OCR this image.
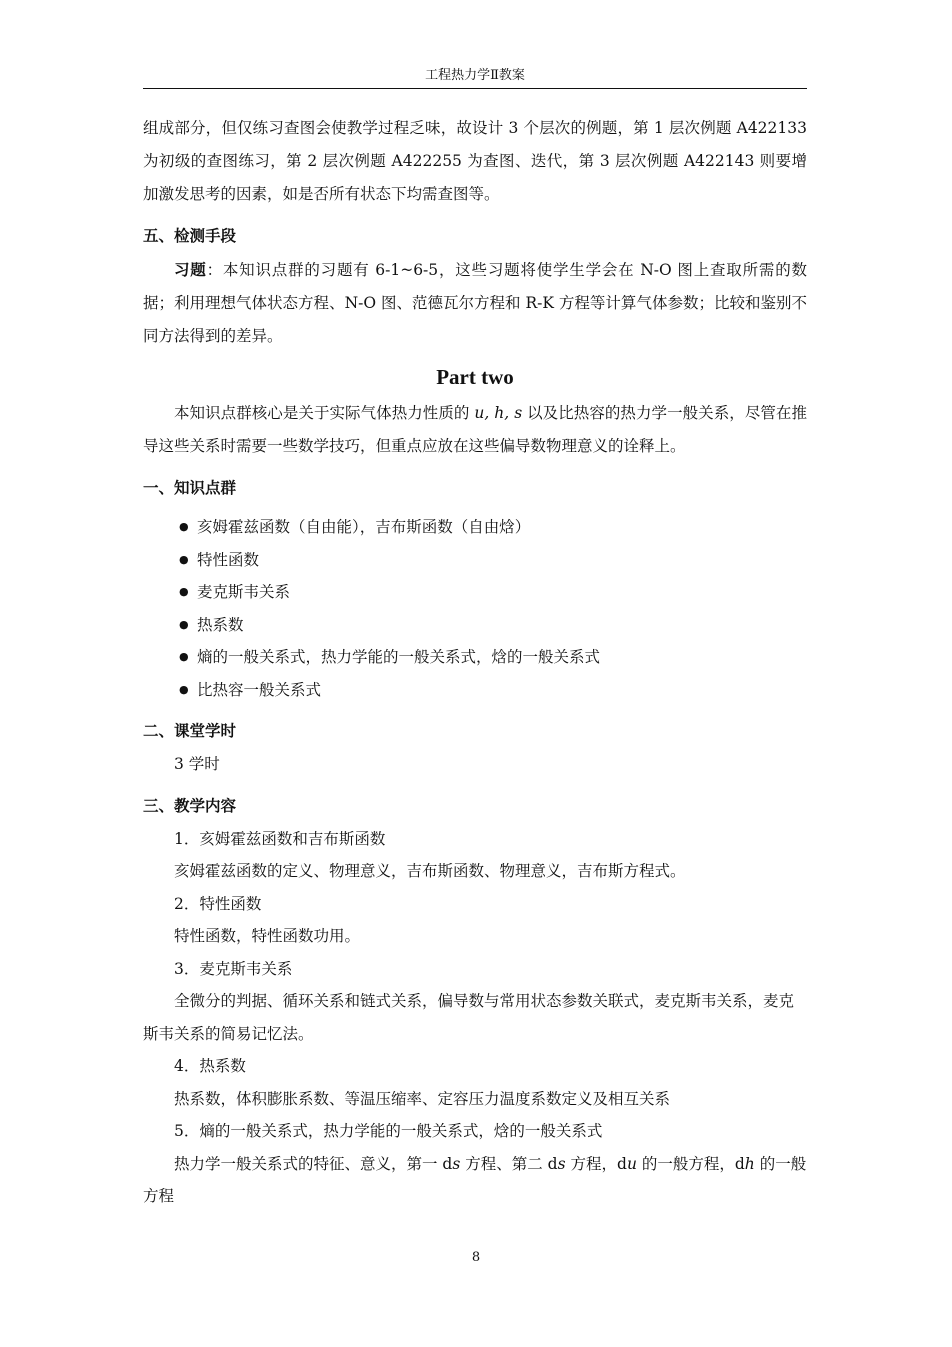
工程热力学Ⅱ教案

组成部分，但仅练习查图会使教学过程乏味，故设计 3 个层次的例题，第 1 层次例题 A422133 为初级的查图练习，第 2 层次例题 A422255 为查图、迭代，第 3 层次例题 A422143 则要增加激发思考的因素，如是否所有状态下均需查图等。

五、检测手段

习题：本知识点群的习题有 6-1~6-5，这些习题将使学生学会在 N-O 图上查取所需的数据；利用理想气体状态方程、N-O 图、范德瓦尔方程和 R-K 方程等计算气体参数；比较和鉴别不同方法得到的差异。

Part two

本知识点群核心是关于实际气体热力性质的 u, h, s 以及比热容的热力学一般关系，尽管在推导这些关系时需要一些数学技巧，但重点应放在这些偏导数物理意义的诠释上。

一、知识点群

● 亥姆霍兹函数（自由能），吉布斯函数（自由焓）
● 特性函数
● 麦克斯韦关系
● 热系数
● 熵的一般关系式，热力学能的一般关系式，焓的一般关系式
● 比热容一般关系式

二、课堂学时

3 学时

三、教学内容

1．亥姆霍兹函数和吉布斯函数

亥姆霍兹函数的定义、物理意义，吉布斯函数、物理意义，吉布斯方程式。

2．特性函数

特性函数，特性函数功用。

3．麦克斯韦关系

全微分的判据、循环关系和链式关系，偏导数与常用状态参数关联式，麦克斯韦关系，麦克斯韦关系的简易记忆法。

4．热系数

热系数，体积膨胀系数、等温压缩率、定容压力温度系数定义及相互关系

5．熵的一般关系式，热力学能的一般关系式，焓的一般关系式

热力学一般关系式的特征、意义，第一 ds 方程、第二 ds 方程，du 的一般方程，dh 的一般方程

8
